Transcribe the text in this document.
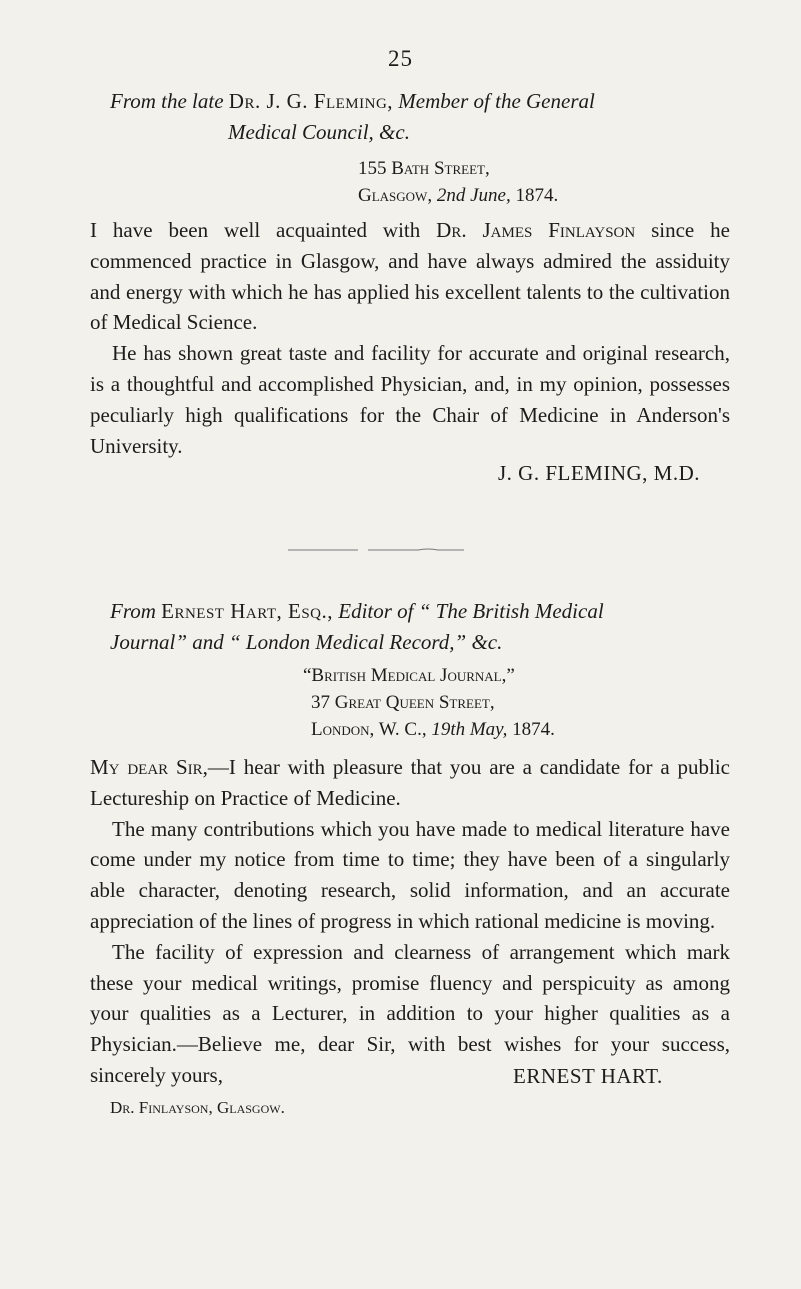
25
From the late Dr. J. G. Fleming, Member of the General
Medical Council, &c.
155 Bath Street,
Glasgow, 2nd June, 1874.

I have been well acquainted with Dr. James Finlayson since he commenced practice in Glasgow, and have always admired the assiduity and energy with which he has applied his excellent talents to the cultivation of Medical Science.

He has shown great taste and facility for accurate and original research, is a thoughtful and accomplished Physician, and, in my opinion, possesses peculiarly high qualifications for the Chair of Medicine in Anderson's University.

J. G. FLEMING, M.D.
From Ernest Hart, Esq., Editor of “ The British Medical
Journal” and “ London Medical Record,” &c.
“British Medical Journal,”
37 Great Queen Street,
London, W. C., 19th May, 1874.

My dear Sir,—I hear with pleasure that you are a candidate for a public Lectureship on Practice of Medicine.

The many contributions which you have made to medical literature have come under my notice from time to time; they have been of a singularly able character, denoting research, solid information, and an accurate appreciation of the lines of progress in which rational medicine is moving.

The facility of expression and clearness of arrangement which mark these your medical writings, promise fluency and perspicuity as among your qualities as a Lecturer, in addition to your higher qualities as a Physician.—Believe me, dear Sir, with best wishes for your success, sincerely yours,	ERNEST HART.
Dr. Finlayson, Glasgow.
